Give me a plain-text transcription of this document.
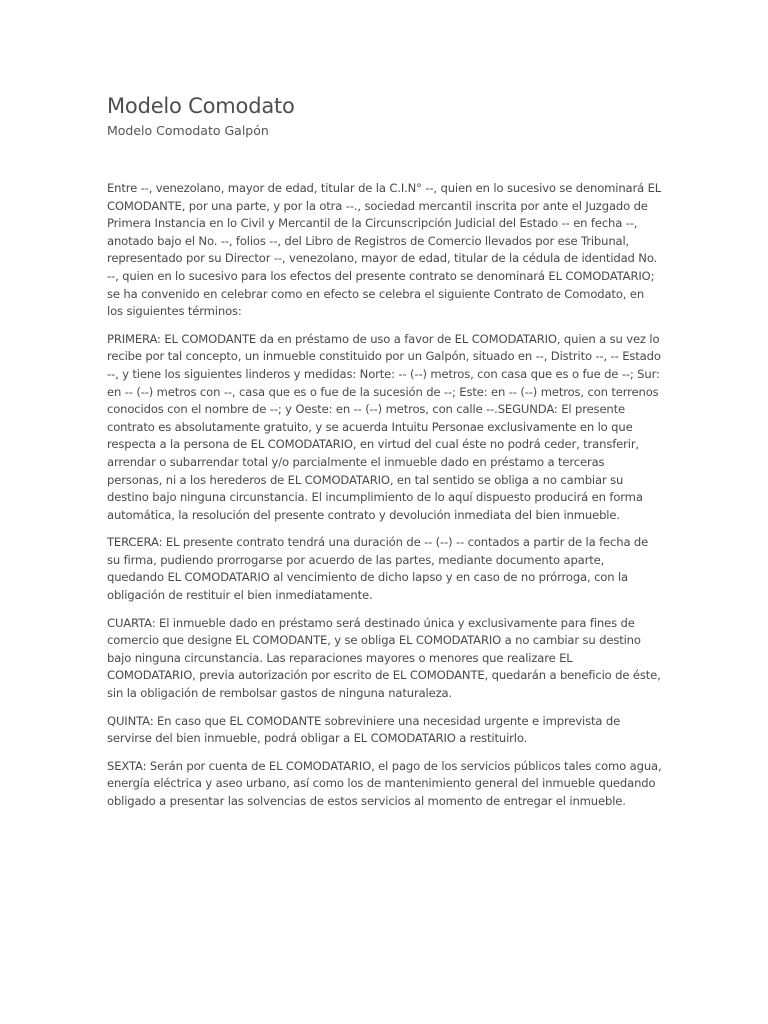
Modelo Comodato
Modelo Comodato Galpón

Entre --, venezolano, mayor de edad, titular de la C.I.N° --, quien en lo sucesivo se denominará EL COMODANTE, por una parte, y por la otra --., sociedad mercantil inscrita por ante el Juzgado de Primera Instancia en lo Civil y Mercantil de la Circunscripción Judicial del Estado -- en fecha --, anotado bajo el No. --, folios --, del Libro de Registros de Comercio llevados por ese Tribunal, representado por su Director --, venezolano, mayor de edad, titular de la cédula de identidad No. --, quien en lo sucesivo para los efectos del presente contrato se denominará EL COMODATARIO; se ha convenido en celebrar como en efecto se celebra el siguiente Contrato de Comodato, en los siguientes términos:

PRIMERA: EL COMODANTE da en préstamo de uso a favor de EL COMODATARIO, quien a su vez lo recibe por tal concepto, un inmueble constituido por un Galpón, situado en --, Distrito --, -- Estado --, y tiene los siguientes linderos y medidas: Norte: -- (--) metros, con casa que es o fue de --; Sur: en -- (--) metros con --, casa que es o fue de la sucesión de --; Este: en -- (--) metros, con terrenos conocidos con el nombre de --; y Oeste: en -- (--) metros, con calle --.SEGUNDA: El presente contrato es absolutamente gratuito, y se acuerda Intuitu Personae exclusivamente en lo que respecta a la persona de EL COMODATARIO, en virtud del cual éste no podrá ceder, transferir, arrendar o subarrendar total y/o parcialmente el inmueble dado en préstamo a terceras personas, ni a los herederos de EL COMODATARIO, en tal sentido se obliga a no cambiar su destino bajo ninguna circunstancia. El incumplimiento de lo aquí dispuesto producirá en forma automática, la resolución del presente contrato y devolución inmediata del bien inmueble.

TERCERA: EL presente contrato tendrá una duración de -- (--) -- contados a partir de la fecha de su firma, pudiendo prorrogarse por acuerdo de las partes, mediante documento aparte, quedando EL COMODATARIO al vencimiento de dicho lapso y en caso de no prórroga, con la obligación de restituir el bien inmediatamente.

CUARTA: El inmueble dado en préstamo será destinado única y exclusivamente para fines de comercio que designe EL COMODANTE, y se obliga EL COMODATARIO a no cambiar su destino bajo ninguna circunstancia. Las reparaciones mayores o menores que realizare EL COMODATARIO, previa autorización por escrito de EL COMODANTE, quedarán a beneficio de éste, sin la obligación de rembolsar gastos de ninguna naturaleza.

QUINTA: En caso que EL COMODANTE sobreviniere una necesidad urgente e imprevista de servirse del bien inmueble, podrá obligar a EL COMODATARIO a restituirlo.

SEXTA: Serán por cuenta de EL COMODATARIO, el pago de los servicios públicos tales como agua, energía eléctrica y aseo urbano, así como los de mantenimiento general del inmueble quedando obligado a presentar las solvencias de estos servicios al momento de entregar el inmueble.
